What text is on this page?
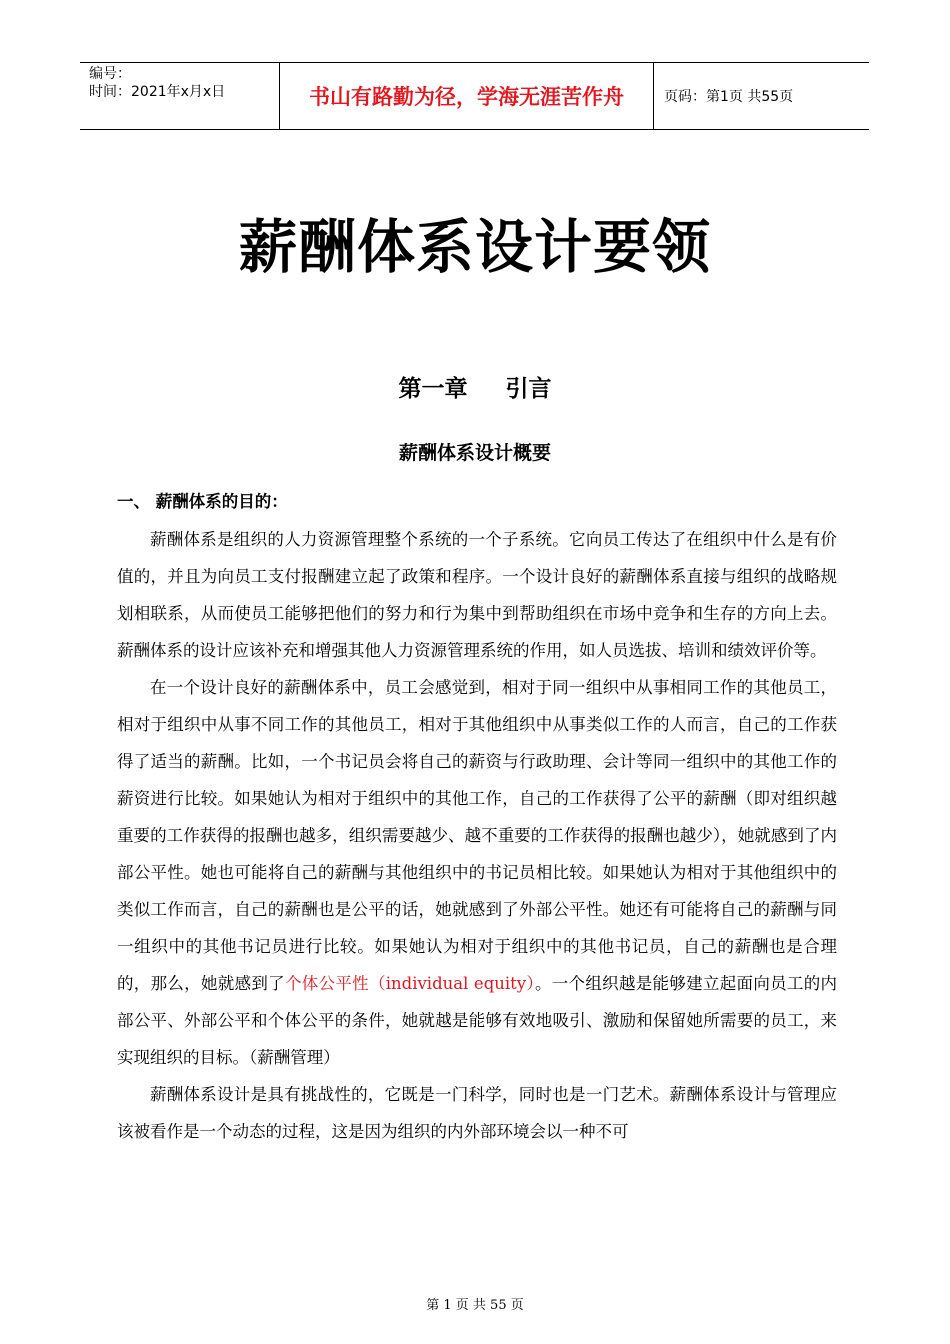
编号：
时间：2021年x月x日	书山有路勤为径，学海无涯苦作舟	页码：第1页 共55页
薪酬体系设计要领
第一章 引言
薪酬体系设计概要
一、 薪酬体系的目的：

薪酬体系是组织的人力资源管理整个系统的一个子系统。它向员工传达了在组织中什么是有价值的，并且为向员工支付报酬建立起了政策和程序。一个设计良好的薪酬体系直接与组织的战略规划相联系，从而使员工能够把他们的努力和行为集中到帮助组织在市场中竞争和生存的方向上去。薪酬体系的设计应该补充和增强其他人力资源管理系统的作用，如人员选拔、培训和绩效评价等。

在一个设计良好的薪酬体系中，员工会感觉到，相对于同一组织中从事相同工作的其他员工，相对于组织中从事不同工作的其他员工，相对于其他组织中从事类似工作的人而言，自己的工作获得了适当的薪酬。比如，一个书记员会将自己的薪资与行政助理、会计等同一组织中的其他工作的薪资进行比较。如果她认为相对于组织中的其他工作，自己的工作获得了公平的薪酬（即对组织越重要的工作获得的报酬也越多，组织需要越少、越不重要的工作获得的报酬也越少），她就感到了内部公平性。她也可能将自己的薪酬与其他组织中的书记员相比较。如果她认为相对于其他组织中的类似工作而言，自己的薪酬也是公平的话，她就感到了外部公平性。她还有可能将自己的薪酬与同一组织中的其他书记员进行比较。如果她认为相对于组织中的其他书记员，自己的薪酬也是合理的，那么，她就感到了个体公平性（individual equity）。一个组织越是能够建立起面向员工的内部公平、外部公平和个体公平的条件，她就越是能够有效地吸引、激励和保留她所需要的员工，来实现组织的目标。（薪酬管理）

薪酬体系设计是具有挑战性的，它既是一门科学，同时也是一门艺术。薪酬体系设计与管理应该被看作是一个动态的过程，这是因为组织的内外部环境会以一种不可

第 1 页 共 55 页
